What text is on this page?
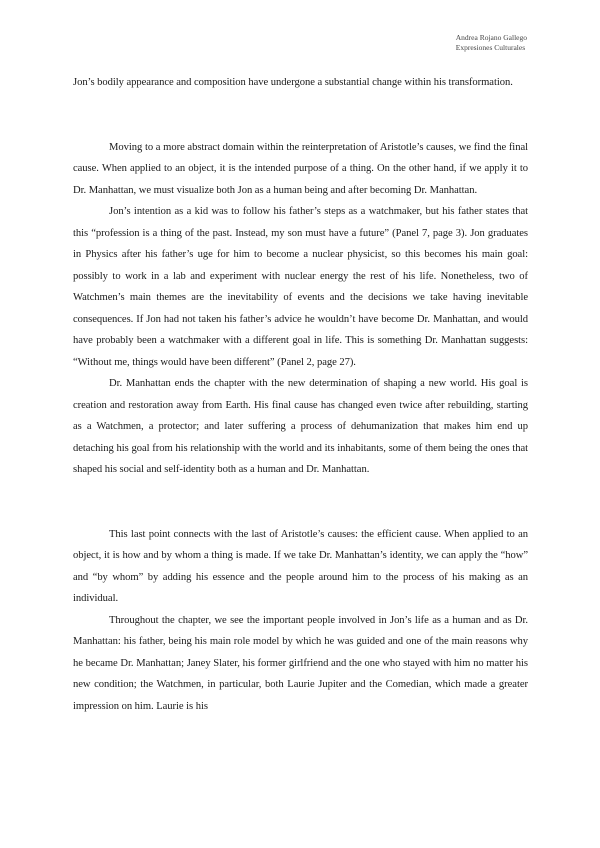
Andrea Rojano Gallego
Expresiones Culturales

Jon’s bodily appearance and composition have undergone a substantial change within his transformation.

Moving to a more abstract domain within the reinterpretation of Aristotle’s causes, we find the final cause. When applied to an object, it is the intended purpose of a thing. On the other hand, if we apply it to Dr. Manhattan, we must visualize both Jon as a human being and after becoming Dr. Manhattan.

Jon’s intention as a kid was to follow his father’s steps as a watchmaker, but his father states that this “profession is a thing of the past. Instead, my son must have a future” (Panel 7, page 3). Jon graduates in Physics after his father’s uge for him to become a nuclear physicist, so this becomes his main goal: possibly to work in a lab and experiment with nuclear energy the rest of his life. Nonetheless, two of Watchmen’s main themes are the inevitability of events and the decisions we take having inevitable consequences. If Jon had not taken his father’s advice he wouldn’t have become Dr. Manhattan, and would have probably been a watchmaker with a different goal in life. This is something Dr. Manhattan suggests: “Without me, things would have been different” (Panel 2, page 27).

Dr. Manhattan ends the chapter with the new determination of shaping a new world. His goal is creation and restoration away from Earth. His final cause has changed even twice after rebuilding, starting as a Watchmen, a protector; and later suffering a process of dehumanization that makes him end up detaching his goal from his relationship with the world and its inhabitants, some of them being the ones that shaped his social and self-identity both as a human and Dr. Manhattan.

This last point connects with the last of Aristotle’s causes: the efficient cause. When applied to an object, it is how and by whom a thing is made. If we take Dr. Manhattan’s identity, we can apply the “how” and “by whom” by adding his essence and the people around him to the process of his making as an individual.

Throughout the chapter, we see the important people involved in Jon’s life as a human and as Dr. Manhattan: his father, being his main role model by which he was guided and one of the main reasons why he became Dr. Manhattan; Janey Slater, his former girlfriend and the one who stayed with him no matter his new condition; the Watchmen, in particular, both Laurie Jupiter and the Comedian, which made a greater impression on him. Laurie is his
